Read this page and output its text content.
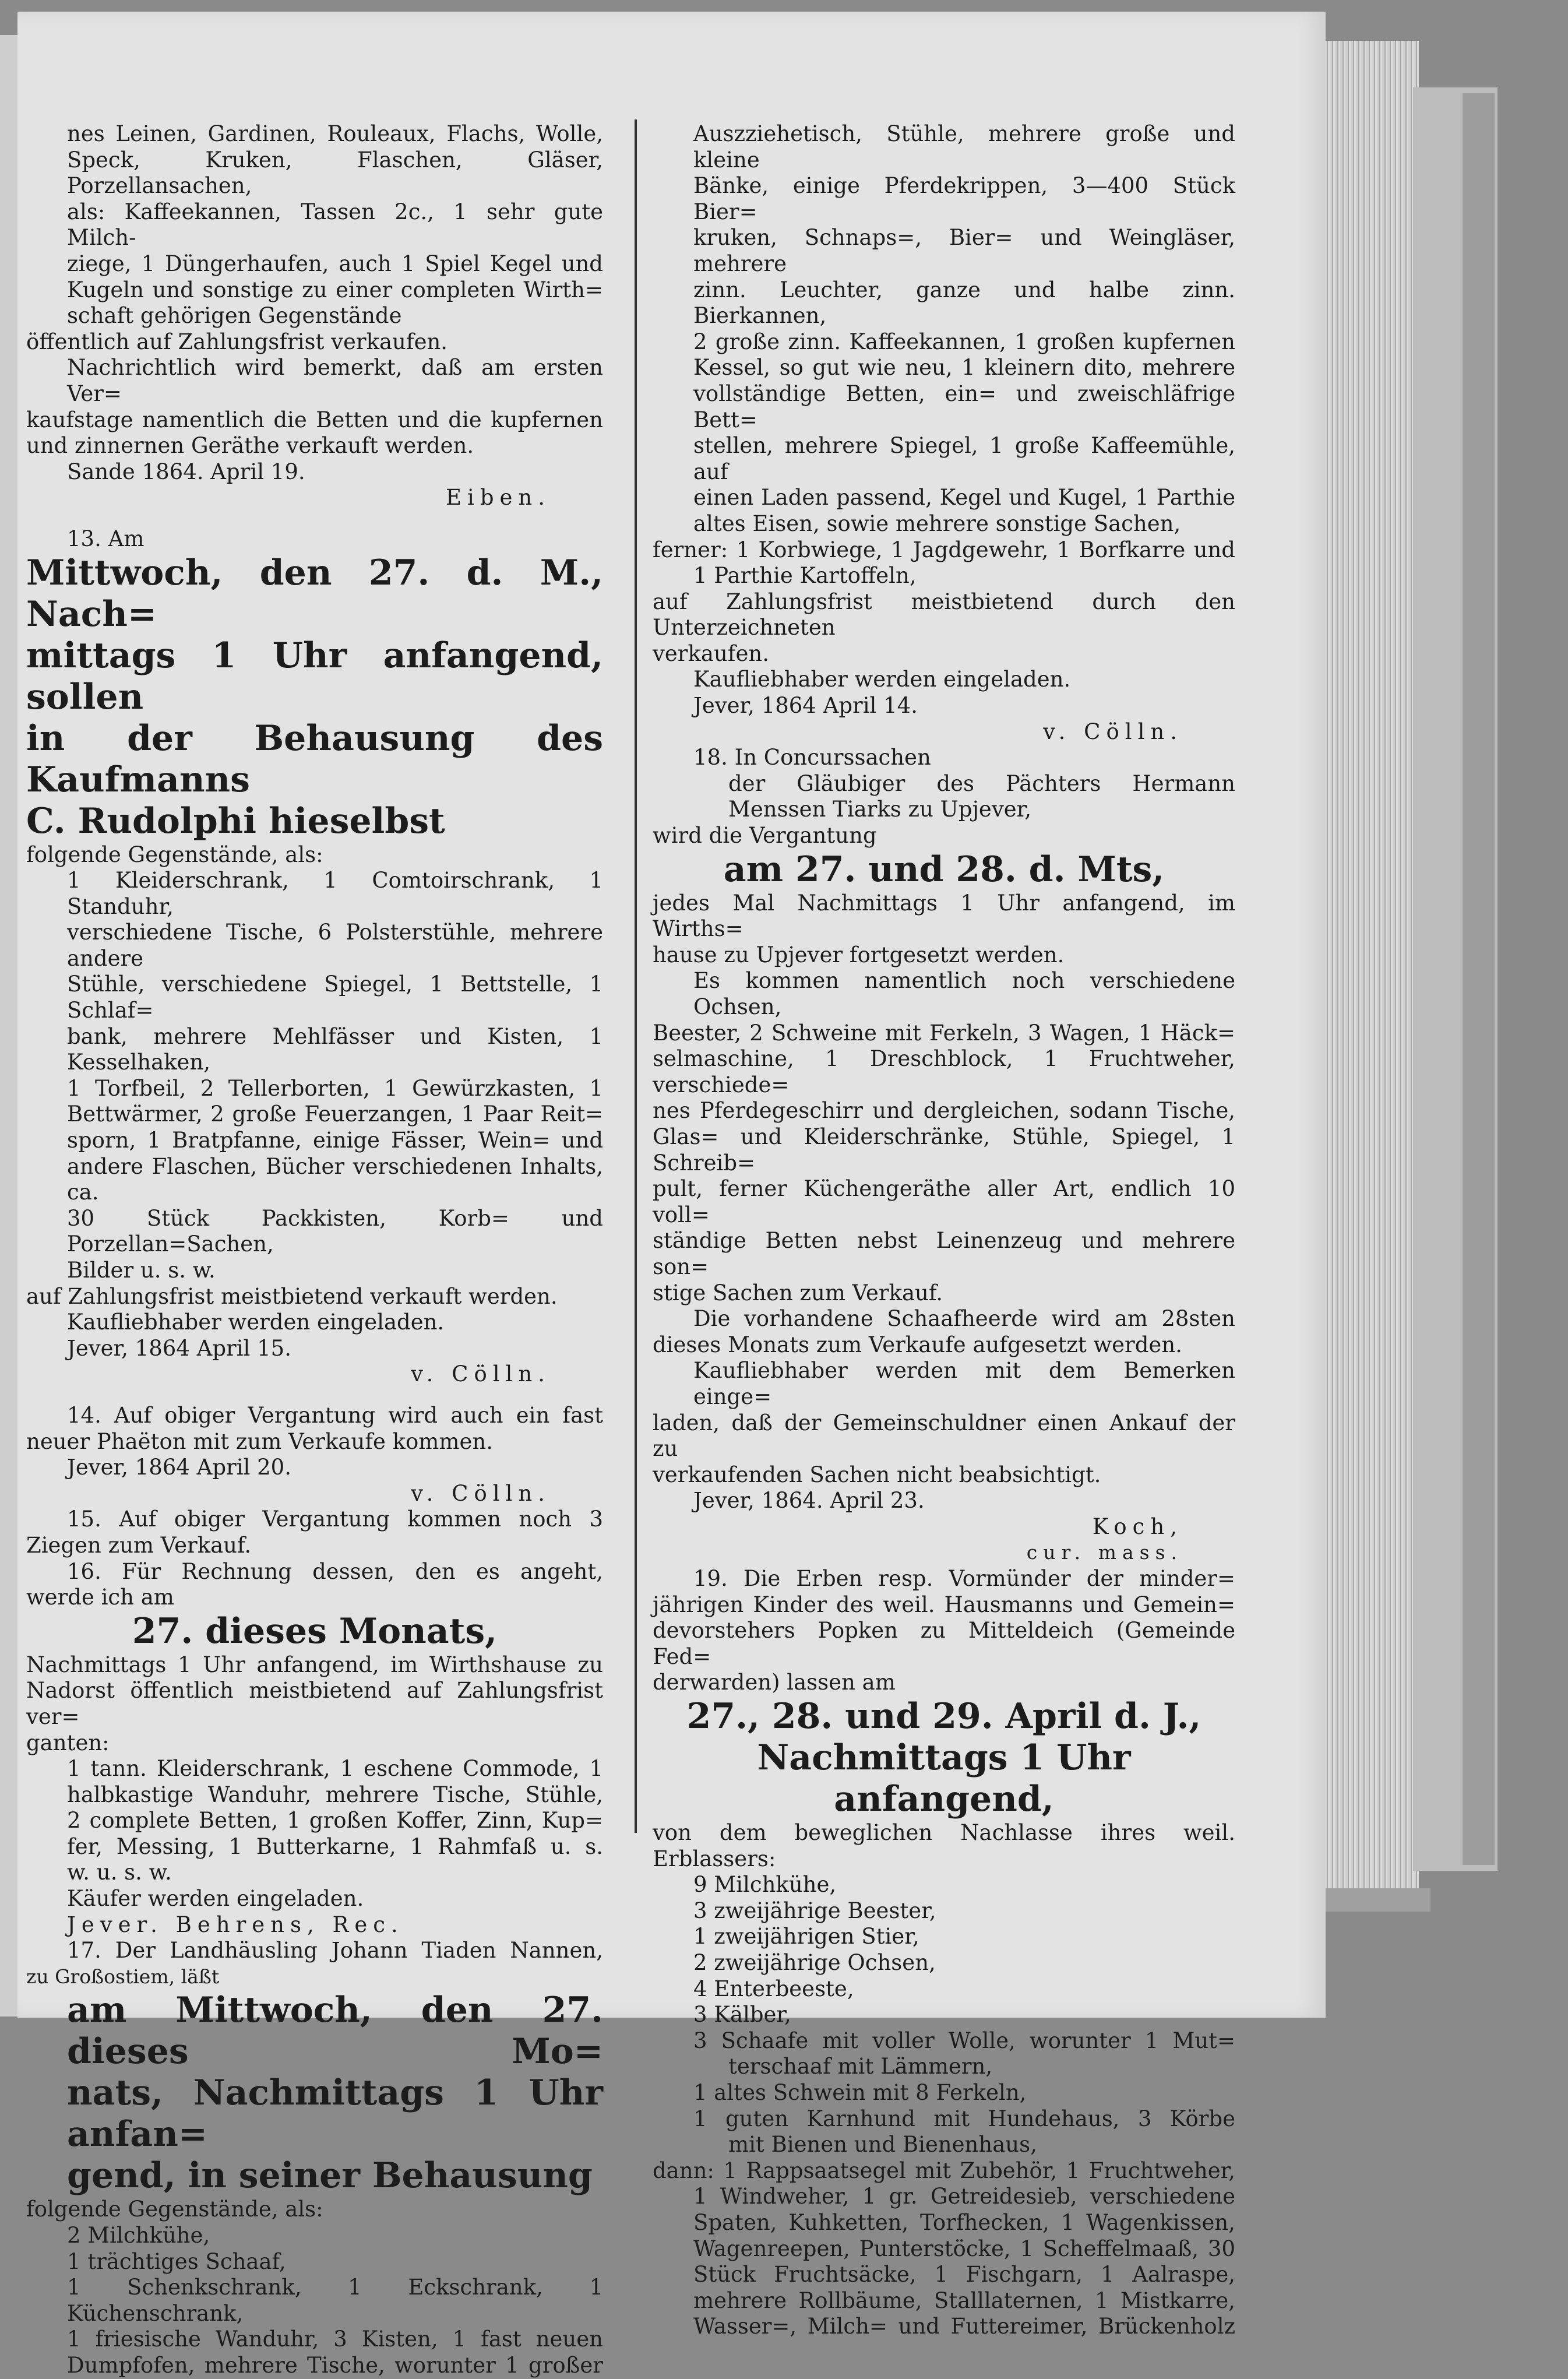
nes Leinen, Gardinen, Rouleaux, Flachs, Wolle,

Speck, Kruken, Flaschen, Gläser, Porzellansachen,

als: Kaffeekannen, Tassen 2c., 1 sehr gute Milch-

ziege, 1 Düngerhaufen, auch 1 Spiel Kegel und

Kugeln und sonstige zu einer completen Wirth=

schaft gehörigen Gegenstände

öffentlich auf Zahlungsfrist verkaufen.

Nachrichtlich wird bemerkt, daß am ersten Ver=

kaufstage namentlich die Betten und die kupfernen

und zinnernen Geräthe verkauft werden.

Sande 1864. April 19.

Eiben.

13. Am

Mittwoch, den 27. d. M., Nach=

mittags 1 Uhr anfangend, sollen

in der Behausung des Kaufmanns

C. Rudolphi hieselbst

folgende Gegenstände, als:

1 Kleiderschrank, 1 Comtoirschrank, 1 Standuhr,

verschiedene Tische, 6 Polsterstühle, mehrere andere

Stühle, verschiedene Spiegel, 1 Bettstelle, 1 Schlaf=

bank, mehrere Mehlfässer und Kisten, 1 Kesselhaken,

1 Torfbeil, 2 Tellerborten, 1 Gewürzkasten, 1

Bettwärmer, 2 große Feuerzangen, 1 Paar Reit=

sporn, 1 Bratpfanne, einige Fässer, Wein= und

andere Flaschen, Bücher verschiedenen Inhalts, ca.

30 Stück Packkisten, Korb= und Porzellan=Sachen,

Bilder u. s. w.

auf Zahlungsfrist meistbietend verkauft werden.

Kaufliebhaber werden eingeladen.

Jever, 1864 April 15.

v. Cölln.

14. Auf obiger Vergantung wird auch ein fast

neuer Phaëton mit zum Verkaufe kommen.

Jever, 1864 April 20.

v. Cölln.

15. Auf obiger Vergantung kommen noch 3

Ziegen zum Verkauf.

16. Für Rechnung dessen, den es angeht,

werde ich am

27. dieses Monats,

Nachmittags 1 Uhr anfangend, im Wirthshause zu

Nadorst öffentlich meistbietend auf Zahlungsfrist ver=

ganten:

1 tann. Kleiderschrank, 1 eschene Commode, 1

halbkastige Wanduhr, mehrere Tische, Stühle,

2 complete Betten, 1 großen Koffer, Zinn, Kup=

fer, Messing, 1 Butterkarne, 1 Rahmfaß u. s.

w. u. s. w.

Käufer werden eingeladen.

Jever. Behrens, Rec.

17. Der Landhäusling Johann Tiaden Nannen,

zu Großostiem, läßt

am Mittwoch, den 27. dieses Mo=

nats, Nachmittags 1 Uhr anfan=

gend, in seiner Behausung

folgende Gegenstände, als:

2 Milchkühe,

1 trächtiges Schaaf,

1 Schenkschrank, 1 Eckschrank, 1 Küchenschrank,

1 friesische Wanduhr, 3 Kisten, 1 fast neuen

Dumpfofen, mehrere Tische, worunter 1 großer

Auszziehetisch, Stühle, mehrere große und kleine

Bänke, einige Pferdekrippen, 3—400 Stück Bier=

kruken, Schnaps=, Bier= und Weingläser, mehrere

zinn. Leuchter, ganze und halbe zinn. Bierkannen,

2 große zinn. Kaffeekannen, 1 großen kupfernen

Kessel, so gut wie neu, 1 kleinern dito, mehrere

vollständige Betten, ein= und zweischläfrige Bett=

stellen, mehrere Spiegel, 1 große Kaffeemühle, auf

einen Laden passend, Kegel und Kugel, 1 Parthie

altes Eisen, sowie mehrere sonstige Sachen,

ferner: 1 Korbwiege, 1 Jagdgewehr, 1 Borfkarre und

1 Parthie Kartoffeln,

auf Zahlungsfrist meistbietend durch den Unterzeichneten

verkaufen.

Kaufliebhaber werden eingeladen.

Jever, 1864 April 14.

v. Cölln.

18. In Concurssachen

der Gläubiger des Pächters Hermann

Menssen Tiarks zu Upjever,

wird die Vergantung

am 27. und 28. d. Mts,

jedes Mal Nachmittags 1 Uhr anfangend, im Wirths=

hause zu Upjever fortgesetzt werden.

Es kommen namentlich noch verschiedene Ochsen,

Beester, 2 Schweine mit Ferkeln, 3 Wagen, 1 Häck=

selmaschine, 1 Dreschblock, 1 Fruchtweher, verschiede=

nes Pferdegeschirr und dergleichen, sodann Tische,

Glas= und Kleiderschränke, Stühle, Spiegel, 1 Schreib=

pult, ferner Küchengeräthe aller Art, endlich 10 voll=

ständige Betten nebst Leinenzeug und mehrere son=

stige Sachen zum Verkauf.

Die vorhandene Schaafheerde wird am 28sten

dieses Monats zum Verkaufe aufgesetzt werden.

Kaufliebhaber werden mit dem Bemerken einge=

laden, daß der Gemeinschuldner einen Ankauf der zu

verkaufenden Sachen nicht beabsichtigt.

Jever, 1864. April 23.

Koch,

cur. mass.

19. Die Erben resp. Vormünder der minder=

jährigen Kinder des weil. Hausmanns und Gemein=

devorstehers Popken zu Mitteldeich (Gemeinde Fed=

derwarden) lassen am

27., 28. und 29. April d. J.,

Nachmittags 1 Uhr anfangend,

von dem beweglichen Nachlasse ihres weil. Erblassers:

9 Milchkühe,

3 zweijährige Beester,

1 zweijährigen Stier,

2 zweijährige Ochsen,

4 Enterbeeste,

3 Kälber,

3 Schaafe mit voller Wolle, worunter 1 Mut=

terschaaf mit Lämmern,

1 altes Schwein mit 8 Ferkeln,

1 guten Karnhund mit Hundehaus, 3 Körbe

mit Bienen und Bienenhaus,

dann: 1 Rappsaatsegel mit Zubehör, 1 Fruchtweher,

1 Windweher, 1 gr. Getreidesieb, verschiedene

Spaten, Kuhketten, Torfhecken, 1 Wagenkissen,

Wagenreepen, Punterstöcke, 1 Scheffelmaaß, 30

Stück Fruchtsäcke, 1 Fischgarn, 1 Aalraspe,

mehrere Rollbäume, Stalllaternen, 1 Mistkarre,

Wasser=, Milch= und Futtereimer, Brückenholz
